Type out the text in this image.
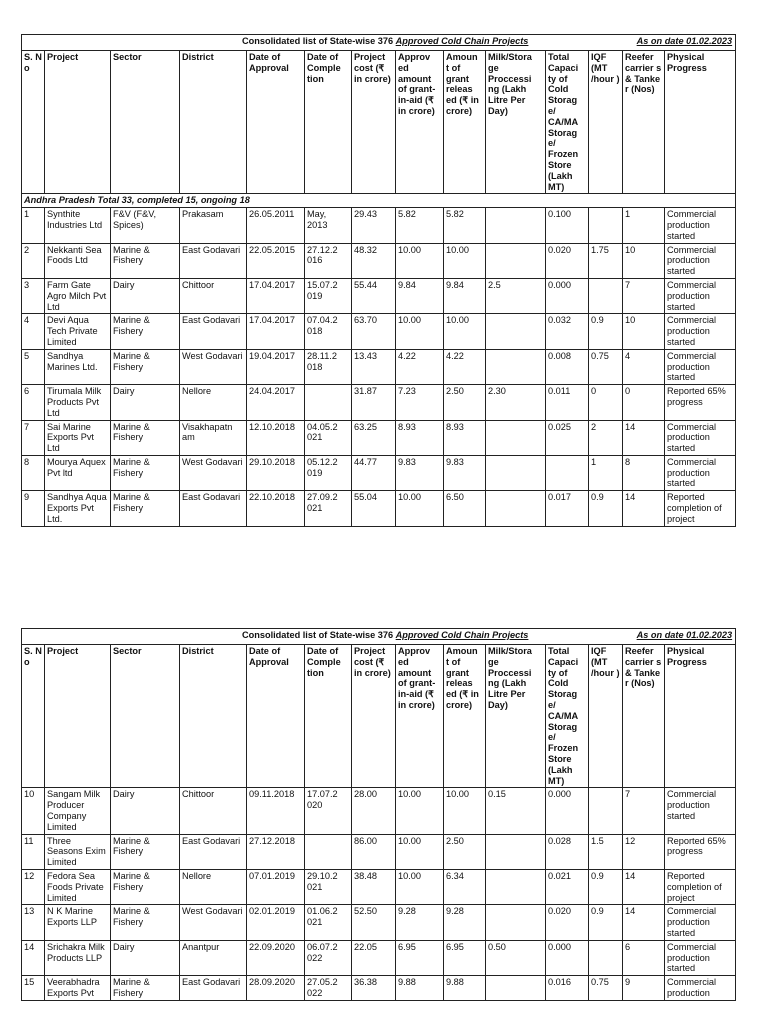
Consolidated list of State-wise 376 Approved Cold Chain Projects As on date 01.02.2023													

S. N o	Project	Sector	District	Date of Approval	Date of Comple tion	Project cost (₹ in crore)	Approv ed amount of grant-in-aid (₹ in crore)	Amoun t of grant releas ed (₹ in crore)	Milk/Stora ge Proccessi ng (Lakh Litre Per Day)	Total Capaci ty of Cold Storag e/ CA/MA Storag e/ Frozen Store (Lakh MT)	IQF (MT /hour )	Reefer carrier s & Tanke r (Nos)	Physical Progress
Andhra Pradesh Total 33, completed 15, ongoing 18													
1	Synthite Industries Ltd	F&V (F&V, Spices)	Prakasam	26.05.2011	May, 2013	29.43	5.82	5.82		0.100		1	Commercial production started
2	Nekkanti Sea Foods Ltd	Marine & Fishery	East Godavari	22.05.2015	27.12.2 016	48.32	10.00	10.00		0.020	1.75	10	Commercial production started
3	Farm Gate Agro Milch Pvt Ltd	Dairy	Chittoor	17.04.2017	15.07.2 019	55.44	9.84	9.84	2.5	0.000		7	Commercial production started
4	Devi Aqua Tech Private Limited	Marine & Fishery	East Godavari	17.04.2017	07.04.2 018	63.70	10.00	10.00		0.032	0.9	10	Commercial production started
5	Sandhya Marines Ltd.	Marine & Fishery	West Godavari	19.04.2017	28.11.2 018	13.43	4.22	4.22		0.008	0.75	4	Commercial production started
6	Tirumala Milk Products Pvt Ltd	Dairy	Nellore	24.04.2017		31.87	7.23	2.50	2.30	0.011	0	0	Reported 65% progress
7	Sai Marine Exports Pvt Ltd	Marine & Fishery	Visakhapatn am	12.10.2018	04.05.2 021	63.25	8.93	8.93		0.025	2	14	Commercial production started
8	Mourya Aquex Pvt ltd	Marine & Fishery	West Godavari	29.10.2018	05.12.2 019	44.77	9.83	9.83			1	8	Commercial production started
9	Sandhya Aqua Exports Pvt Ltd.	Marine & Fishery	East Godavari	22.10.2018	27.09.2 021	55.04	10.00	6.50		0.017	0.9	14	Reported completion of project
Consolidated list of State-wise 376 Approved Cold Chain Projects As on date 01.02.2023													

S. N o	Project	Sector	District	Date of Approval	Date of Comple tion	Project cost (₹ in crore)	Approv ed amount of grant-in-aid (₹ in crore)	Amoun t of grant releas ed (₹ in crore)	Milk/Stora ge Proccessi ng (Lakh Litre Per Day)	Total Capaci ty of Cold Storag e/ CA/MA Storag e/ Frozen Store (Lakh MT)	IQF (MT /hour )	Reefer carrier s & Tanke r (Nos)	Physical Progress
10	Sangam Milk Producer Company Limited	Dairy	Chittoor	09.11.2018	17.07.2 020	28.00	10.00	10.00	0.15	0.000		7	Commercial production started
11	Three Seasons Exim Limited	Marine & Fishery	East Godavari	27.12.2018		86.00	10.00	2.50		0.028	1.5	12	Reported 65% progress
12	Fedora Sea Foods Private Limited	Marine & Fishery	Nellore	07.01.2019	29.10.2 021	38.48	10.00	6.34		0.021	0.9	14	Reported completion of project
13	N K Marine Exports LLP	Marine & Fishery	West Godavari	02.01.2019	01.06.2 021	52.50	9.28	9.28		0.020	0.9	14	Commercial production started
14	Srichakra Milk Products LLP	Dairy	Anantpur	22.09.2020	06.07.2 022	22.05	6.95	6.95	0.50	0.000		6	Commercial production started
15	Veerabhadra Exports Pvt	Marine & Fishery	East Godavari	28.09.2020	27.05.2 022	36.38	9.88	9.88		0.016	0.75	9	Commercial production
